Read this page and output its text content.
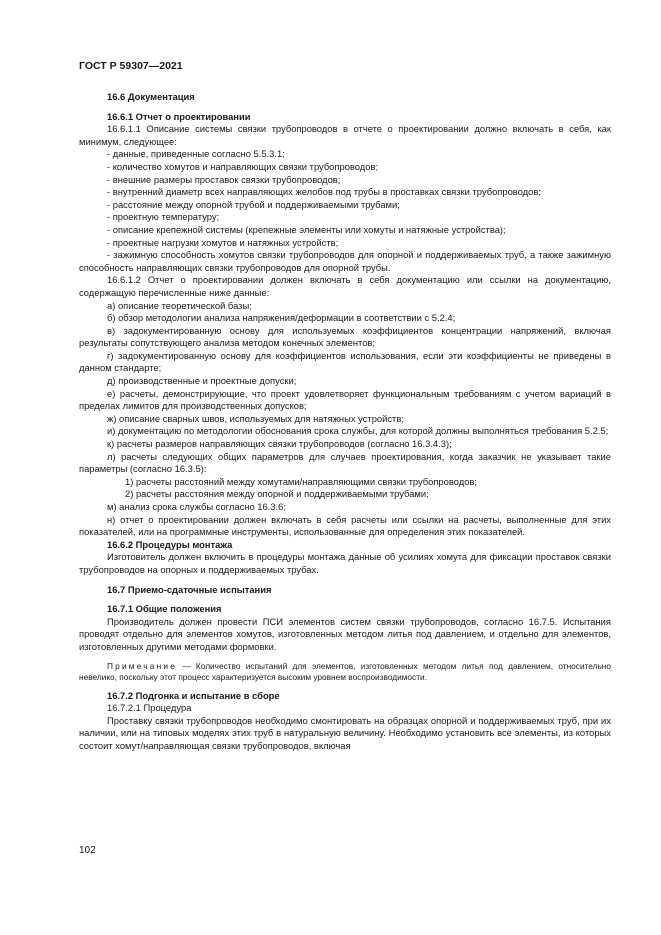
ГОСТ Р 59307—2021

16.6 Документация

16.6.1 Отчет о проектировании

16.6.1.1 Описание системы связки трубопроводов в отчете о проектировании должно включать в себя, как минимум, следующее:

- данные, приведенные согласно 5.5.3.1;

- количество хомутов и направляющих связки трубопроводов;

- внешние размеры проставок связки трубопроводов;

- внутренний диаметр всех направляющих желобов под трубы в проставках связки трубопроводов;

- расстояние между опорной трубой и поддерживаемыми трубами;

- проектную температуру;

- описание крепежной системы (крепежные элементы или хомуты и натяжные устройства);

- проектные нагрузки хомутов и натяжных устройств;

- зажимную способность хомутов связки трубопроводов для опорной и поддерживаемых труб, а также зажимную способность направляющих связки трубопроводов для опорной трубы.

16.6.1.2 Отчет о проектировании должен включать в себя документацию или ссылки на документацию, содержащую перечисленные ниже данные:

а) описание теоретической базы;

б) обзор методологии анализа напряжения/деформации в соответствии с 5.2.4;

в) задокументированную основу для используемых коэффициентов концентрации напряжений, включая результаты сопутствующего анализа методом конечных элементов;

г) задокументированную основу для коэффициентов использования, если эти коэффициенты не приведены в данном стандарте;

д) производственные и проектные допуски;

е) расчеты, демонстрирующие, что проект удовлетворяет функциональным требованиям с учетом вариаций в пределах лимитов для производственных допусков;

ж) описание сварных швов, используемых для натяжных устройств;

и) документацию по методологии обоснования срока службы, для которой должны выполняться требования 5.2.5;

к) расчеты размеров направляющих связки трубопроводов (согласно 16.3.4.3);

л) расчеты следующих общих параметров для случаев проектирования, когда заказчик не указывает такие параметры (согласно 16.3.5):

1) расчеты расстояний между хомутами/направляющими связки трубопроводов;

2) расчеты расстояния между опорной и поддерживаемыми трубами;

м) анализ срока службы согласно 16.3.6;

н) отчет о проектировании должен включать в себя расчеты или ссылки на расчеты, выполненные для этих показателей, или на программные инструменты, использованные для определения этих показателей.

16.6.2 Процедуры монтажа

Изготовитель должен включить в процедуры монтажа данные об усилиях хомута для фиксации проставок связки трубопроводов на опорных и поддерживаемых трубах.

16.7 Приемо-сдаточные испытания

16.7.1 Общие положения

Производитель должен провести ПСИ элементов систем связки трубопроводов, согласно 16.7.5. Испытания проводят отдельно для элементов хомутов, изготовленных методом литья под давлением, и отдельно для элементов, изготовленных другими методами формовки.

Примечание — Количество испытаний для элементов, изготовленных методом литья под давлением, относительно невелико, поскольку этот процесс характеризуется высоким уровнем воспроизводимости.

16.7.2 Подгонка и испытание в сборе

16.7.2.1 Процедура

Проставку связки трубопроводов необходимо смонтировать на образцах опорной и поддерживаемых труб, при их наличии, или на типовых моделях этих труб в натуральную величину. Необходимо установить все элементы, из которых состоит хомут/направляющая связки трубопроводов, включая

102
